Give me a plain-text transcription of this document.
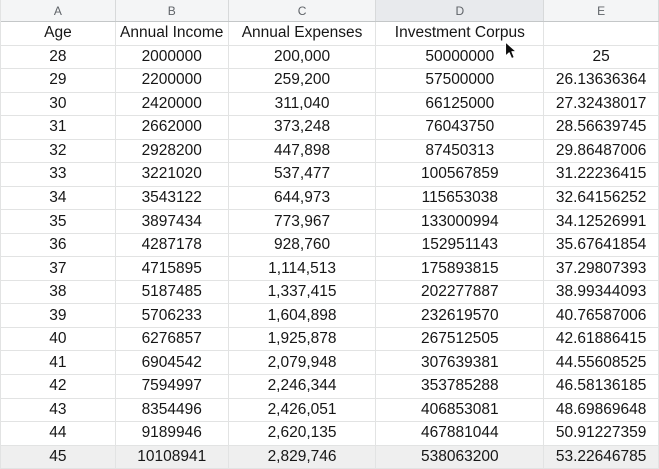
A	B	C	D	E
Age	Annual Income	Annual Expenses	Investment Corpus
28	2000000	200,000	50000000	25
29	2200000	259,200	57500000	26.13636364
30	2420000	311,040	66125000	27.32438017
31	2662000	373,248	76043750	28.56639745
32	2928200	447,898	87450313	29.86487006
33	3221020	537,477	100567859	31.22236415
34	3543122	644,973	115653038	32.64156252
35	3897434	773,967	133000994	34.12526991
36	4287178	928,760	152951143	35.67641854
37	4715895	1,114,513	175893815	37.29807393
38	5187485	1,337,415	202277887	38.99344093
39	5706233	1,604,898	232619570	40.76587006
40	6276857	1,925,878	267512505	42.61886415
41	6904542	2,079,948	307639381	44.55608525
42	7594997	2,246,344	353785288	46.58136185
43	8354496	2,426,051	406853081	48.69869648
44	9189946	2,620,135	467881044	50.91227359
45	10108941	2,829,746	538063200	53.22646785
